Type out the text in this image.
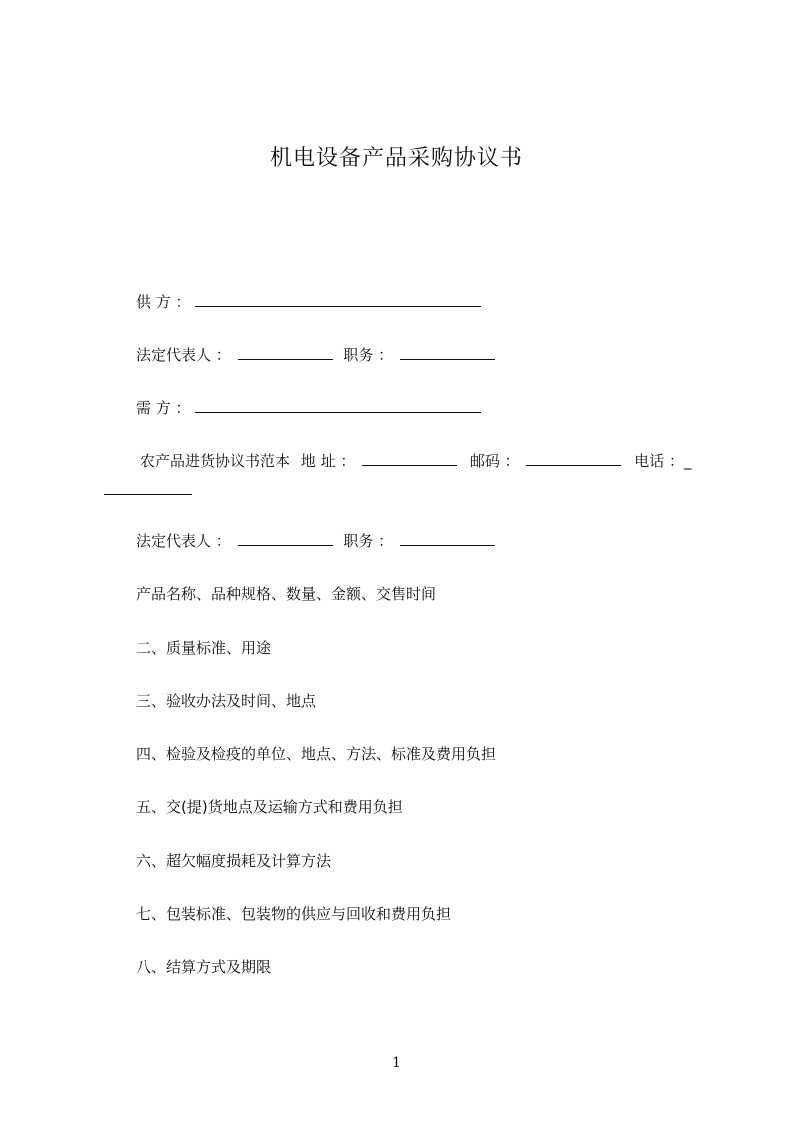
机电设备产品采购协议书
供 方 ：
法定代表人 ：	职务 ：
需 方 ：
农产品进货协议书范本 地 址 ：	邮码 ：	电话 ：_
法定代表人 ：	职务 ：
产品名称、品种规格、数量、金额、交售时间
二、质量标准、用途
三、验收办法及时间、地点
四、检验及检疫的单位、地点、方法、标准及费用负担
五、交(提)货地点及运输方式和费用负担
六、超欠幅度损耗及计算方法
七、包装标准、包装物的供应与回收和费用负担
八、结算方式及期限
1
